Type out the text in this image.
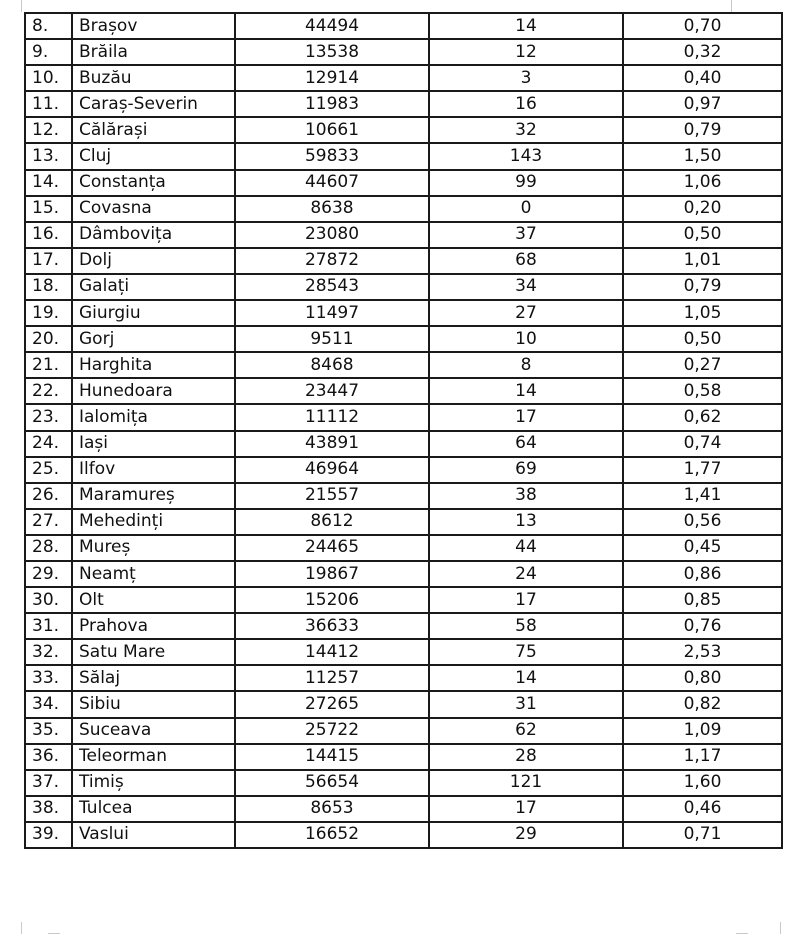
8.	Brașov	44494	14	0,70
9.	Brăila	13538	12	0,32
10.	Buzău	12914	3	0,40
11.	Caraș-Severin	11983	16	0,97
12.	Călărași	10661	32	0,79
13.	Cluj	59833	143	1,50
14.	Constanța	44607	99	1,06
15.	Covasna	8638	0	0,20
16.	Dâmbovița	23080	37	0,50
17.	Dolj	27872	68	1,01
18.	Galați	28543	34	0,79
19.	Giurgiu	11497	27	1,05
20.	Gorj	9511	10	0,50
21.	Harghita	8468	8	0,27
22.	Hunedoara	23447	14	0,58
23.	Ialomița	11112	17	0,62
24.	Iași	43891	64	0,74
25.	Ilfov	46964	69	1,77
26.	Maramureș	21557	38	1,41
27.	Mehedinți	8612	13	0,56
28.	Mureș	24465	44	0,45
29.	Neamț	19867	24	0,86
30.	Olt	15206	17	0,85
31.	Prahova	36633	58	0,76
32.	Satu Mare	14412	75	2,53
33.	Sălaj	11257	14	0,80
34.	Sibiu	27265	31	0,82
35.	Suceava	25722	62	1,09
36.	Teleorman	14415	28	1,17
37.	Timiș	56654	121	1,60
38.	Tulcea	8653	17	0,46
39.	Vaslui	16652	29	0,71
